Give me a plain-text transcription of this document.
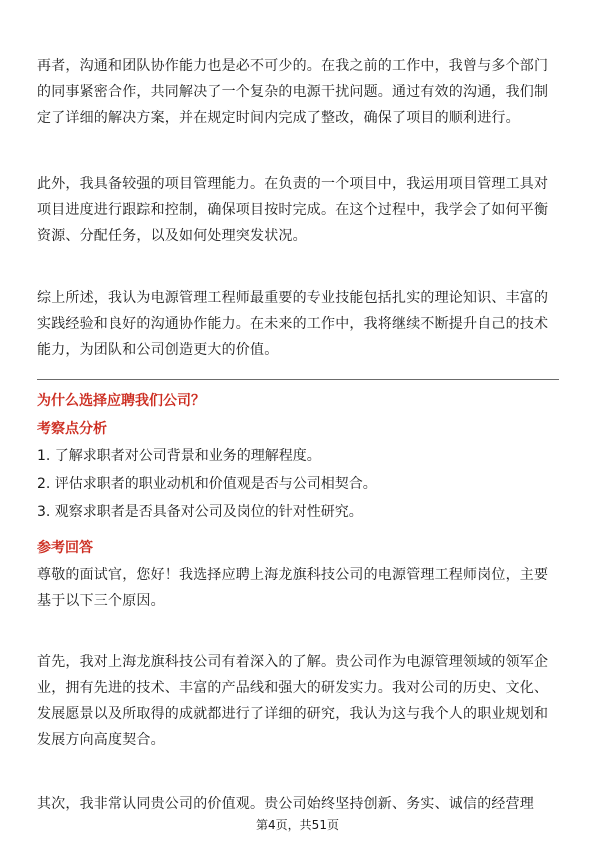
再者，沟通和团队协作能力也是必不可少的。在我之前的工作中，我曾与多个部门
的同事紧密合作，共同解决了一个复杂的电源干扰问题。通过有效的沟通，我们制
定了详细的解决方案，并在规定时间内完成了整改，确保了项目的顺利进行。
此外，我具备较强的项目管理能力。在负责的一个项目中，我运用项目管理工具对
项目进度进行跟踪和控制，确保项目按时完成。在这个过程中，我学会了如何平衡
资源、分配任务，以及如何处理突发状况。
综上所述，我认为电源管理工程师最重要的专业技能包括扎实的理论知识、丰富的
实践经验和良好的沟通协作能力。在未来的工作中，我将继续不断提升自己的技术
能力，为团队和公司创造更大的价值。
为什么选择应聘我们公司？
考察点分析
1. 了解求职者对公司背景和业务的理解程度。
2. 评估求职者的职业动机和价值观是否与公司相契合。
3. 观察求职者是否具备对公司及岗位的针对性研究。
参考回答
尊敬的面试官，您好！我选择应聘上海龙旗科技公司的电源管理工程师岗位，主要
基于以下三个原因。
首先，我对上海龙旗科技公司有着深入的了解。贵公司作为电源管理领域的领军企
业，拥有先进的技术、丰富的产品线和强大的研发实力。我对公司的历史、文化、
发展愿景以及所取得的成就都进行了详细的研究，我认为这与我个人的职业规划和
发展方向高度契合。
其次，我非常认同贵公司的价值观。贵公司始终坚持创新、务实、诚信的经营理
第4页，共51页
